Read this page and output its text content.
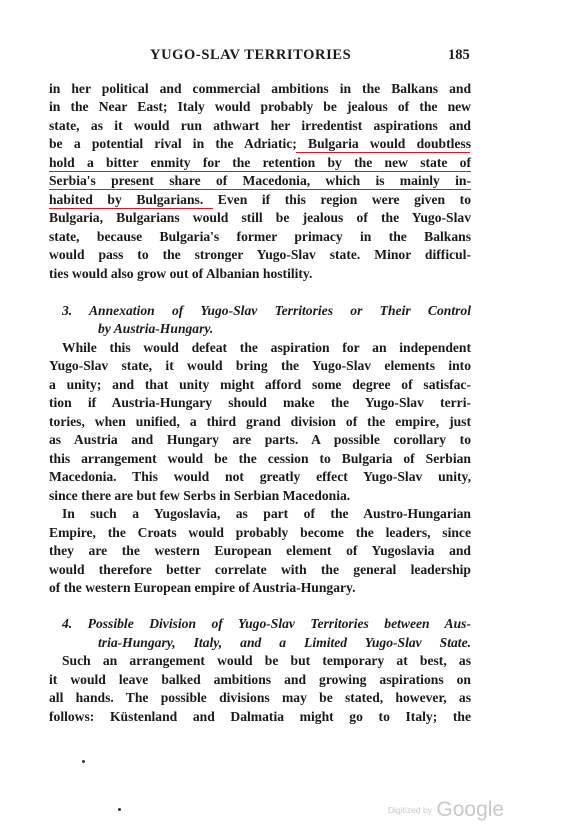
YUGO-SLAV TERRITORIES	185
in her political and commercial ambitions in the Balkans and
in the Near East; Italy would probably be jealous of the new
state, as it would run athwart her irredentist aspirations and
be a potential rival in the Adriatic; Bulgaria would doubtless
hold a bitter enmity for the retention by the new state of
Serbia's present share of Macedonia, which is mainly in-
habited by Bulgarians. Even if this region were given to
Bulgaria, Bulgarians would still be jealous of the Yugo-Slav
state, because Bulgaria's former primacy in the Balkans
would pass to the stronger Yugo-Slav state. Minor difficul-
ties would also grow out of Albanian hostility.
3. Annexation of Yugo-Slav Territories or Their Control
by Austria-Hungary.
While this would defeat the aspiration for an independent
Yugo-Slav state, it would bring the Yugo-Slav elements into
a unity; and that unity might afford some degree of satisfac-
tion if Austria-Hungary should make the Yugo-Slav terri-
tories, when unified, a third grand division of the empire, just
as Austria and Hungary are parts. A possible corollary to
this arrangement would be the cession to Bulgaria of Serbian
Macedonia. This would not greatly effect Yugo-Slav unity,
since there are but few Serbs in Serbian Macedonia.
In such a Yugoslavia, as part of the Austro-Hungarian
Empire, the Croats would probably become the leaders, since
they are the western European element of Yugoslavia and
would therefore better correlate with the general leadership
of the western European empire of Austria-Hungary.
4. Possible Division of Yugo-Slav Territories between Aus-
tria-Hungary, Italy, and a Limited Yugo-Slav State.
Such an arrangement would be but temporary at best, as
it would leave balked ambitions and growing aspirations on
all hands. The possible divisions may be stated, however, as
follows: Küstenland and Dalmatia might go to Italy; the
Digitized by Google
